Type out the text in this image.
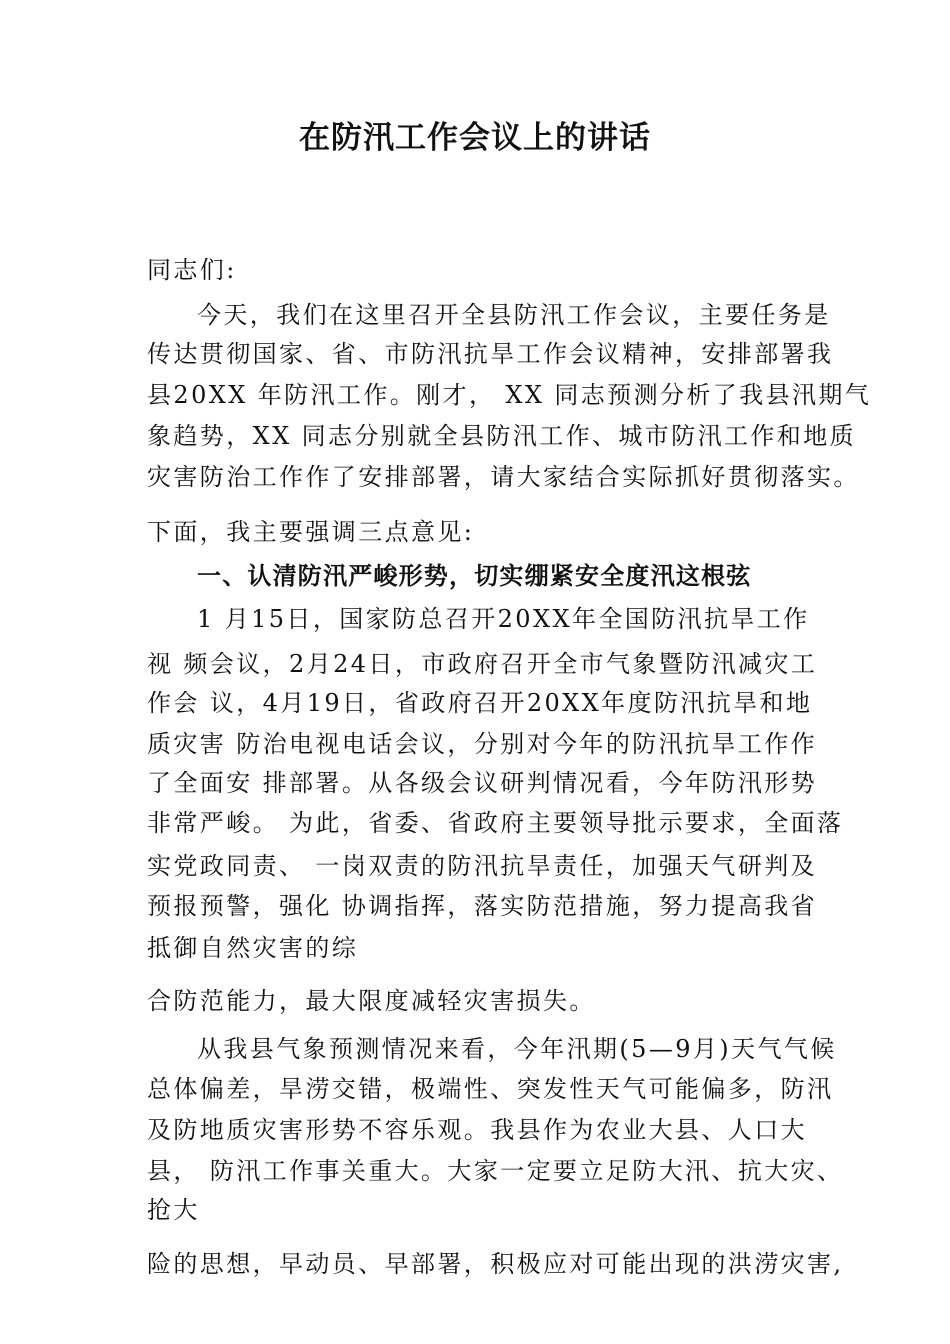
在防汛工作会议上的讲话
同志们:
今天，我们在这里召开全县防汛工作会议，主要任务是
传达贯彻国家、省、市防汛抗旱工作会议精神，安排部署我
县20XX 年防汛工作。刚才， XX 同志预测分析了我县汛期气
象趋势，XX 同志分别就全县防汛工作、城市防汛工作和地质
灾害防治工作作了安排部署，请大家结合实际抓好贯彻落实。
下面，我主要强调三点意见:
一、认清防汛严峻形势，切实绷紧安全度汛这根弦
1 月15日，国家防总召开20XX年全国防汛抗旱工作
视 频会议，2月24日，市政府召开全市气象暨防汛减灾工
作会 议，4月19日，省政府召开20XX年度防汛抗旱和地
质灾害 防治电视电话会议，分别对今年的防汛抗旱工作作
了全面安 排部署。从各级会议研判情况看，今年防汛形势
非常严峻。 为此，省委、省政府主要领导批示要求，全面落
实党政同责、 一岗双责的防汛抗旱责任，加强天气研判及
预报预警，强化 协调指挥，落实防范措施，努力提高我省
抵御自然灾害的综
合防范能力，最大限度减轻灾害损失。
从我县气象预测情况来看，今年汛期(5—9月)天气气候
总体偏差，旱涝交错，极端性、突发性天气可能偏多，防汛
及防地质灾害形势不容乐观。我县作为农业大县、人口大
县， 防汛工作事关重大。大家一定要立足防大汛、抗大灾、
抢大
险的思想，早动员、早部署，积极应对可能出现的洪涝灾害,
